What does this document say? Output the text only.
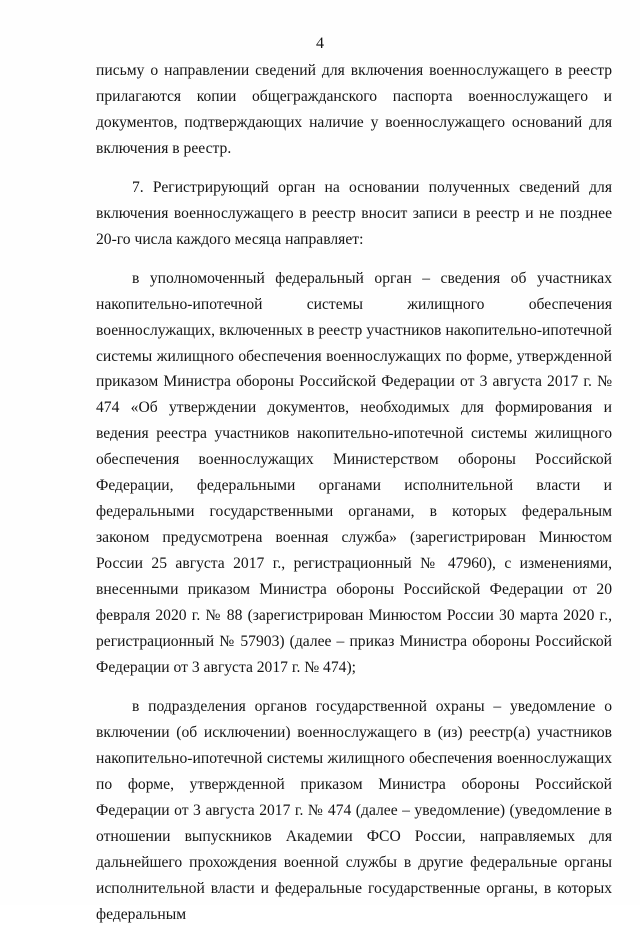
4

письму о направлении сведений для включения военнослужащего в реестр прилагаются копии общегражданского паспорта военнослужащего и документов, подтверждающих наличие у военнослужащего оснований для включения в реестр.

7. Регистрирующий орган на основании полученных сведений для включения военнослужащего в реестр вносит записи в реестр и не позднее 20-го числа каждого месяца направляет:

в уполномоченный федеральный орган – сведения об участниках накопительно-ипотечной системы жилищного обеспечения военнослужащих, включенных в реестр участников накопительно-ипотечной системы жилищного обеспечения военнослужащих по форме, утвержденной приказом Министра обороны Российской Федерации от 3 августа 2017 г. № 474 «Об утверждении документов, необходимых для формирования и ведения реестра участников накопительно-ипотечной системы жилищного обеспечения военнослужащих Министерством обороны Российской Федерации, федеральными органами исполнительной власти и федеральными государственными органами, в которых федеральным законом предусмотрена военная служба» (зарегистрирован Минюстом России 25 августа 2017 г., регистрационный № 47960), с изменениями, внесенными приказом Министра обороны Российской Федерации от 20 февраля 2020 г. № 88 (зарегистрирован Минюстом России 30 марта 2020 г., регистрационный № 57903) (далее – приказ Министра обороны Российской Федерации от 3 августа 2017 г. № 474);

в подразделения органов государственной охраны – уведомление о включении (об исключении) военнослужащего в (из) реестр(а) участников накопительно-ипотечной системы жилищного обеспечения военнослужащих по форме, утвержденной приказом Министра обороны Российской Федерации от 3 августа 2017 г. № 474 (далее – уведомление) (уведомление в отношении выпускников Академии ФСО России, направляемых для дальнейшего прохождения военной службы в другие федеральные органы исполнительной власти и федеральные государственные органы, в которых федеральным
